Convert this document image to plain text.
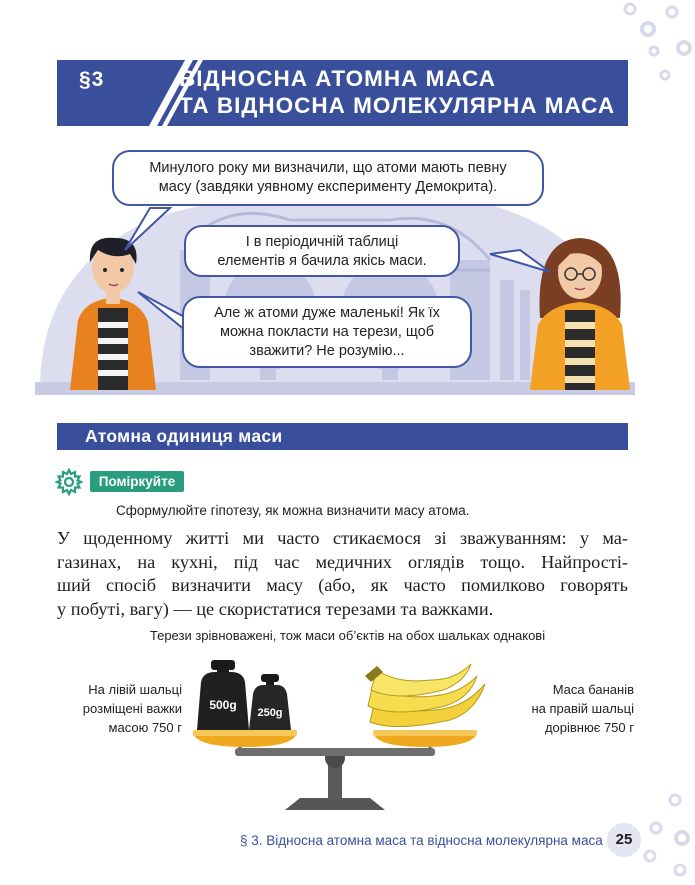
§3	ВІДНОСНА АТОМНА МАСА
ТА ВІДНОСНА МОЛЕКУЛЯРНА МАСА
Минулого року ми визначили, що атоми мають певну
масу (завдяки уявному експерименту Демокрита).
І в періодичній таблиці
елементів я бачила якісь маси.
Але ж атоми дуже маленькі! Як їх
можна покласти на терези, щоб
зважити? Не розумію...
Атомна одиниця маси
Поміркуйте
Сформулюйте гіпотезу, як можна визначити масу атома.
У щоденному житті ми часто стикаємося зі зважуванням: у ма-
газинах, на кухні, під час медичних оглядів тощо. Найпрості-
ший спосіб визначити масу (або, як часто помилково говорять
у побуті, вагу) — це скористатися терезами та важками.
Терези зрівноважені, тож маси об’єктів на обох шальках однакові
На лівій шальці
розміщені важки
масою 750 г
Маса бананів
на правій шальці
дорівнює 750 г
500g
250g
§ 3. Відносна атомна маса та відносна молекулярна маса 25
